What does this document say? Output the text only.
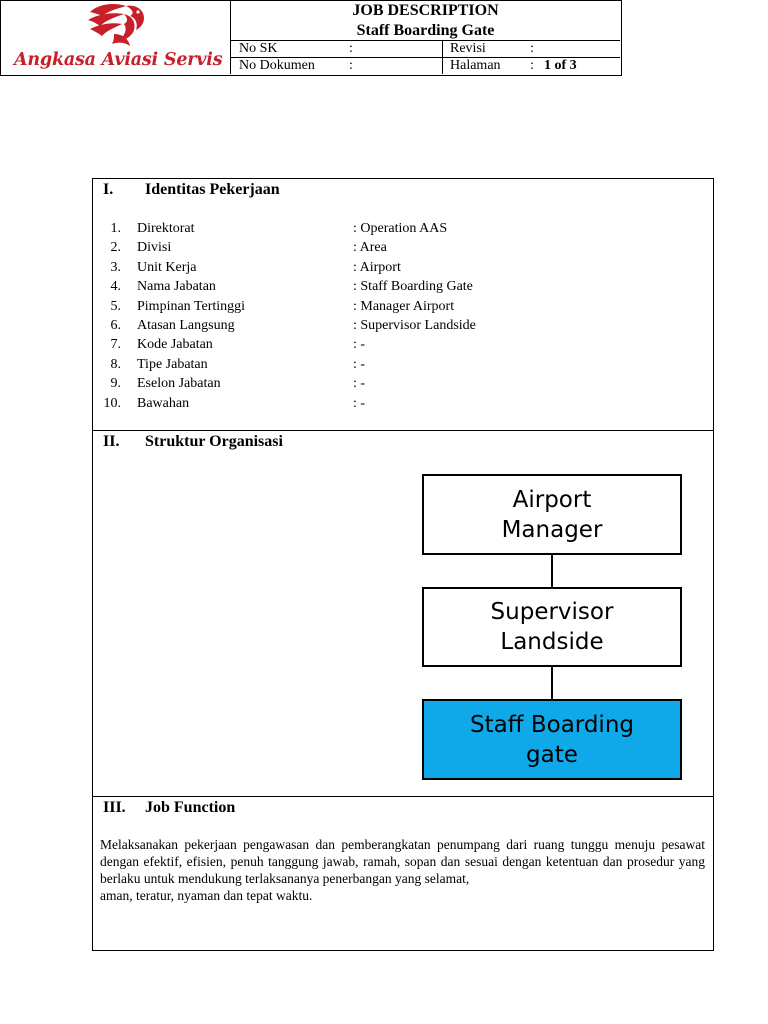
Angkasa Aviasi Servis
JOB DESCRIPTION
Staff Boarding Gate
No SK	:	Revisi	:
No Dokumen :	Halaman : 1 of 3
I. Identitas Pekerjaan
1. Direktorat	: Operation AAS
2. Divisi	: Area
3. Unit Kerja	: Airport
4. Nama Jabatan	: Staff Boarding Gate
5. Pimpinan Tertinggi	: Manager Airport
6. Atasan Langsung	: Supervisor Landside
7. Kode Jabatan	: -
8. Tipe Jabatan	: -
9. Eselon Jabatan	: -
10. Bawahan	: -
II. Struktur Organisasi
Airport
Manager
Supervisor
Landside
Staff Boarding
gate
III. Job Function
Melaksanakan pekerjaan pengawasan dan pemberangkatan penumpang dari ruang tunggu menuju pesawat dengan efektif, efisien, penuh tanggung jawab, ramah, sopan dan sesuai dengan ketentuan dan prosedur yang berlaku untuk mendukung terlaksananya penerbangan yang selamat,
aman, teratur, nyaman dan tepat waktu.
